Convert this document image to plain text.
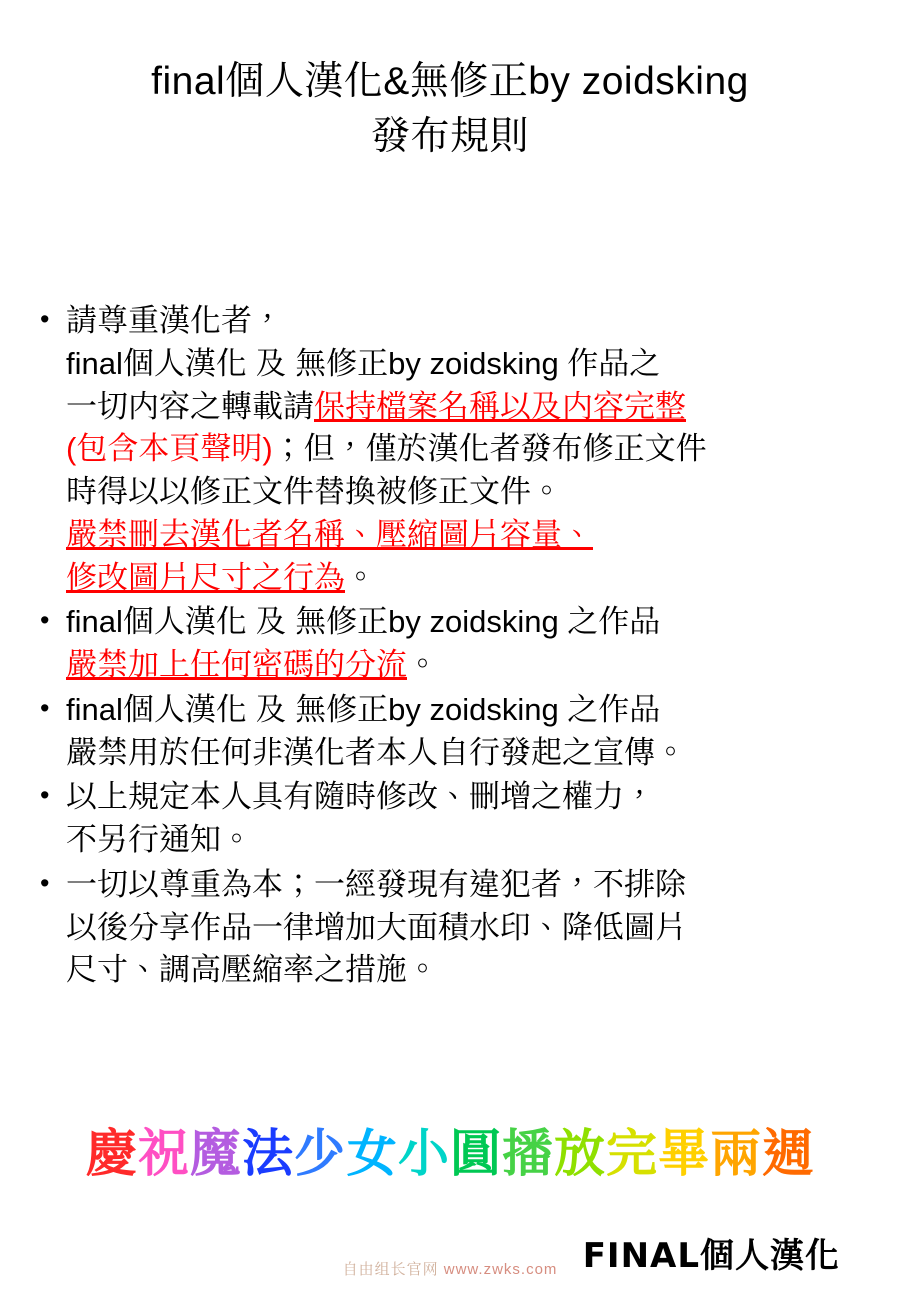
final個人漢化&無修正by zoidsking
發布規則
• 請尊重漢化者，
final個人漢化 及 無修正by zoidsking 作品之
一切内容之轉載請保持檔案名稱以及内容完整
(包含本頁聲明)；但，僅於漢化者發布修正文件
時得以以修正文件替換被修正文件。
嚴禁刪去漢化者名稱、壓縮圖片容量、
修改圖片尺寸之行為。
• final個人漢化 及 無修正by zoidsking 之作品
嚴禁加上任何密碼的分流。
• final個人漢化 及 無修正by zoidsking 之作品
嚴禁用於任何非漢化者本人自行發起之宣傳。
• 以上規定本人具有隨時修改、刪增之權力，
不另行通知。
• 一切以尊重為本；一經發現有違犯者，不排除
以後分享作品一律增加大面積水印、降低圖片
尺寸、調高壓縮率之措施。
慶祝魔法少女小圓播放完畢兩週
FINAL個人漢化
自由组长官网 www.zwks.com
